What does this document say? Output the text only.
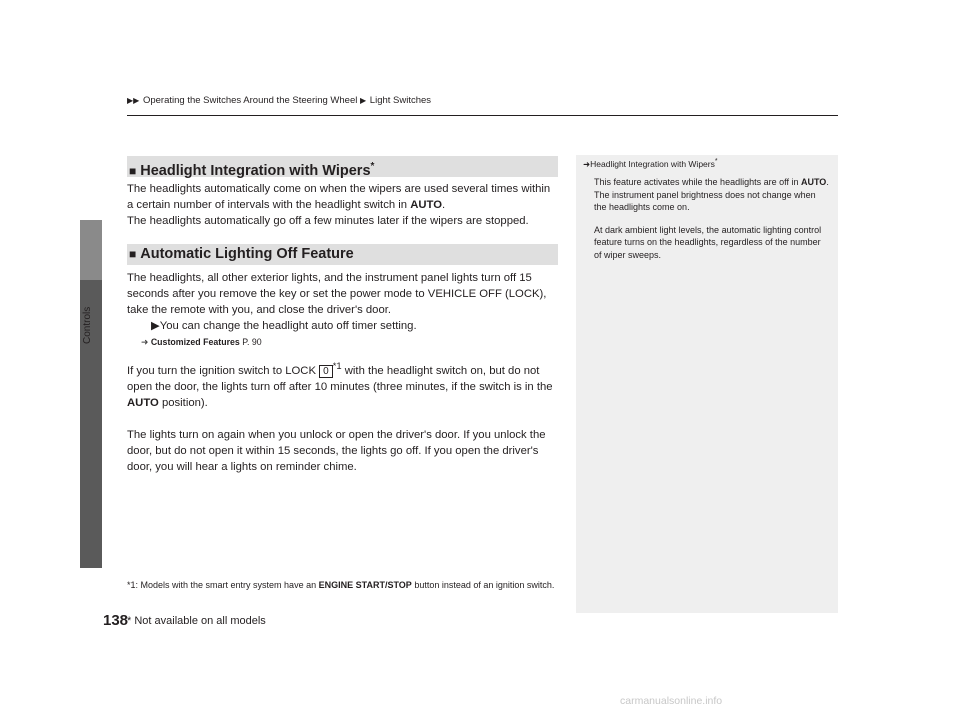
Controls
▶▶ Operating the Switches Around the Steering Wheel ▶ Light Switches
■ Headlight Integration with Wipers*

The headlights automatically come on when the wipers are used several times within a certain number of intervals with the headlight switch in AUTO.

The headlights automatically go off a few minutes later if the wipers are stopped.

■ Automatic Lighting Off Feature

The headlights, all other exterior lights, and the instrument panel lights turn off 15 seconds after you remove the key or set the power mode to VEHICLE OFF (LOCK), take the remote with you, and close the driver's door.

▶You can change the headlight auto off timer setting.

➜ Customized Features P. 90

If you turn the ignition switch to LOCK 0$^{*1}$ with the headlight switch on, but do not open the door, the lights turn off after 10 minutes (three minutes, if the switch is in the AUTO position).

The lights turn on again when you unlock or open the driver's door. If you unlock the door, but do not open it within 15 seconds, the lights go off. If you open the driver's door, you will hear a lights on reminder chime.

*1: Models with the smart entry system have an ENGINE START/STOP button instead of an ignition switch.
➜Headlight Integration with Wipers*

This feature activates while the headlights are off in AUTO.
The instrument panel brightness does not change when the headlights come on.

At dark ambient light levels, the automatic lighting control feature turns on the headlights, regardless of the number of wiper sweeps.

138
* Not available on all models
carmanualsonline.info
